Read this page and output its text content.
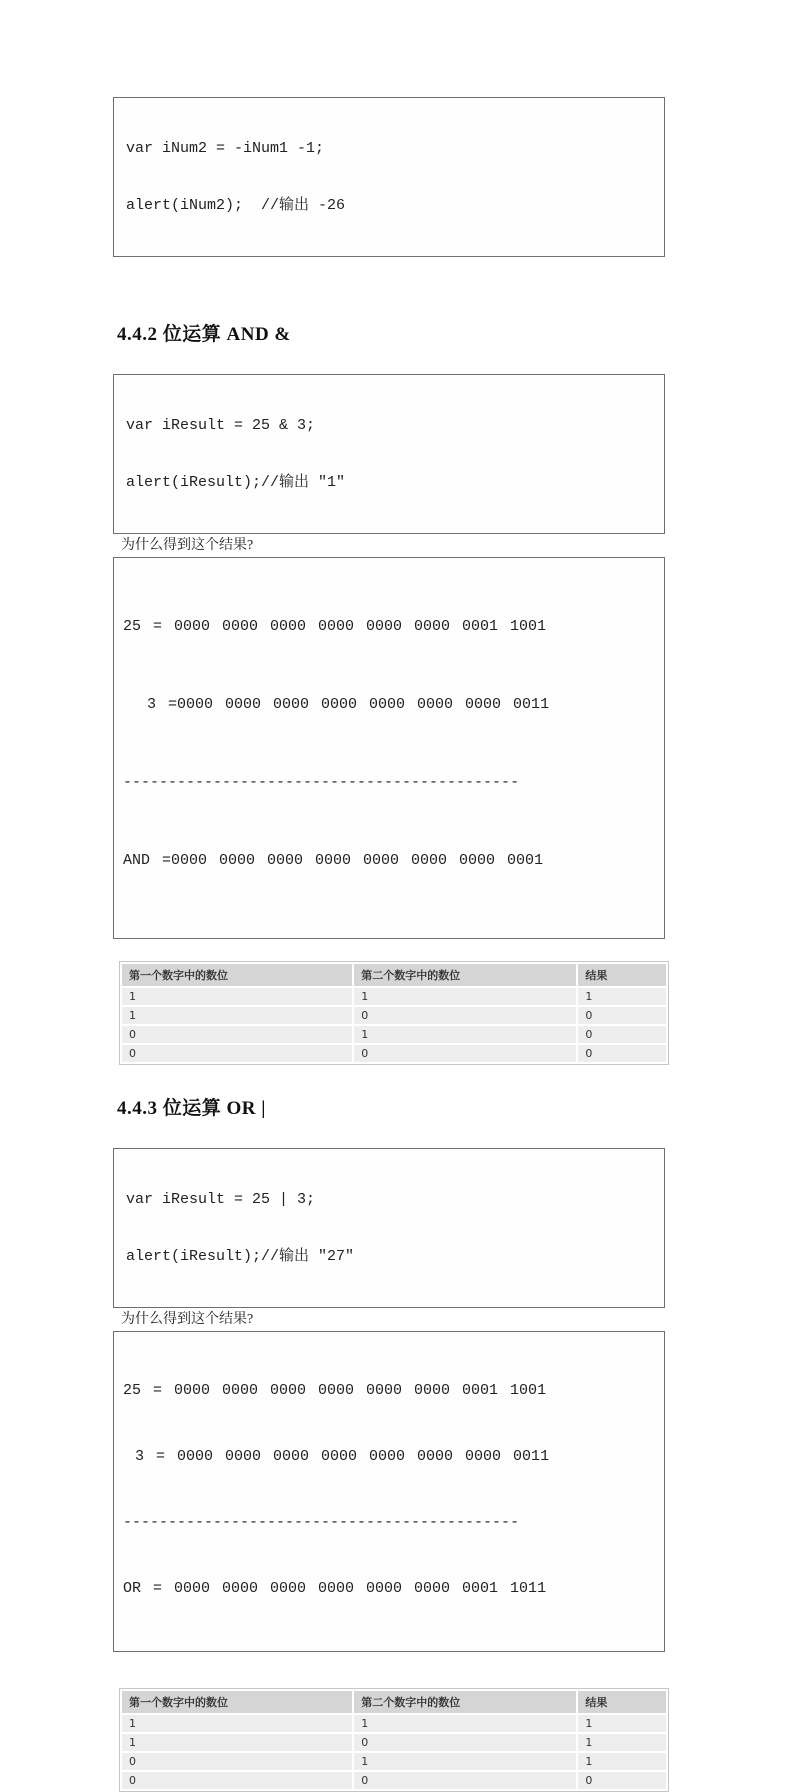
var iNum2 = -iNum1 -1;

alert(iNum2);  //输出 -26

4.4.2 位运算 AND &

var iResult = 25 & 3;

alert(iResult);//输出 ″1″

为什么得到这个结果?

25 = 0000 0000 0000 0000 0000 0000 0001 1001

3 =0000 0000 0000 0000 0000 0000 0000 0011

--------------------------------------------

AND =0000 0000 0000 0000 0000 0000 0000 0001

第一个数字中的数位	第二个数字中的数位	结果
1	1	1
1	0	0
0	1	0
0	0	0
4.4.3 位运算 OR |

var iResult = 25 | 3;

alert(iResult);//输出 ″27″

为什么得到这个结果?

25 = 0000 0000 0000 0000 0000 0000 0001 1001

3 = 0000 0000 0000 0000 0000 0000 0000 0011

--------------------------------------------

OR = 0000 0000 0000 0000 0000 0000 0001 1011

第一个数字中的数位	第二个数字中的数位	结果
1	1	1
1	0	1
0	1	1
0	0	0
